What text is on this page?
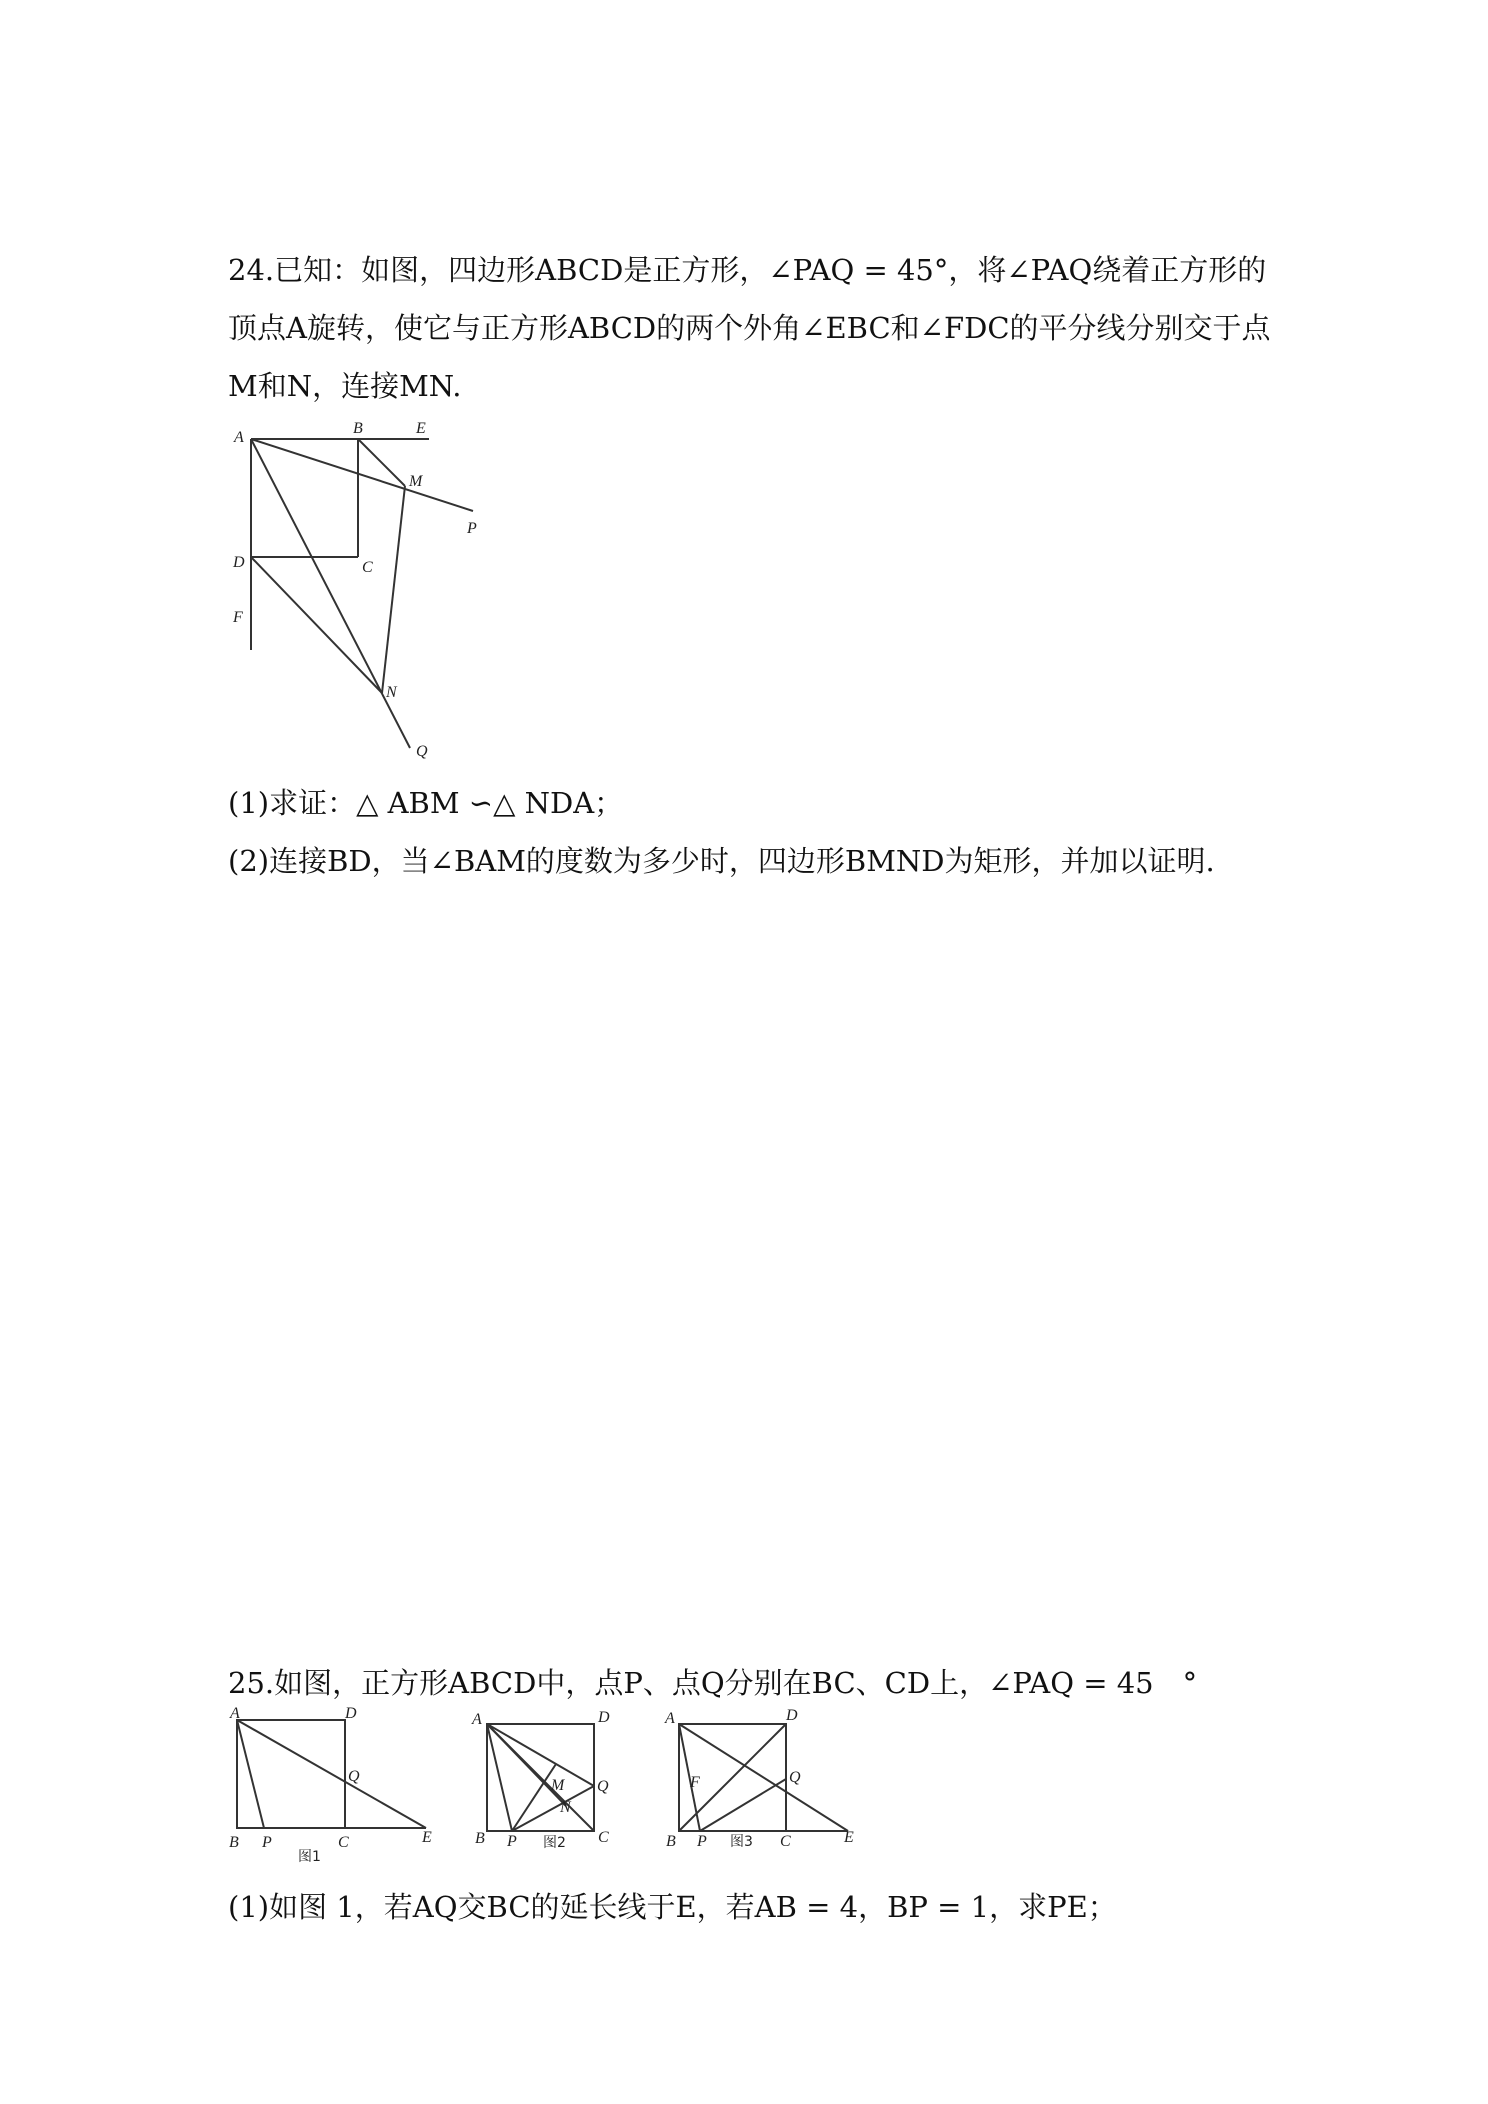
24.已知：如图，四边形ABCD是正方形，∠PAQ = 45°，将∠PAQ绕着正方形的
顶点A旋转，使它与正方形ABCD的两个外角∠EBC和∠FDC的平分线分别交于点
M和N，连接MN.
A
B	E
M
P
D	C
F
N
Q
(1)求证：△ ABM ∽△ NDA；
(2)连接BD，当∠BAM的度数为多少时，四边形BMND为矩形，并加以证明.
25.如图，正方形ABCD中，点P、点Q分别在BC、CD上，∠PAQ = 45　°
A	D
Q
B P	C	E
图1
A	D
M Q
N
B P	C
图2
A	D
F	Q
B P	C	E
图3
(1)如图 1，若AQ交BC的延长线于E，若AB = 4，BP = 1，求PE；
